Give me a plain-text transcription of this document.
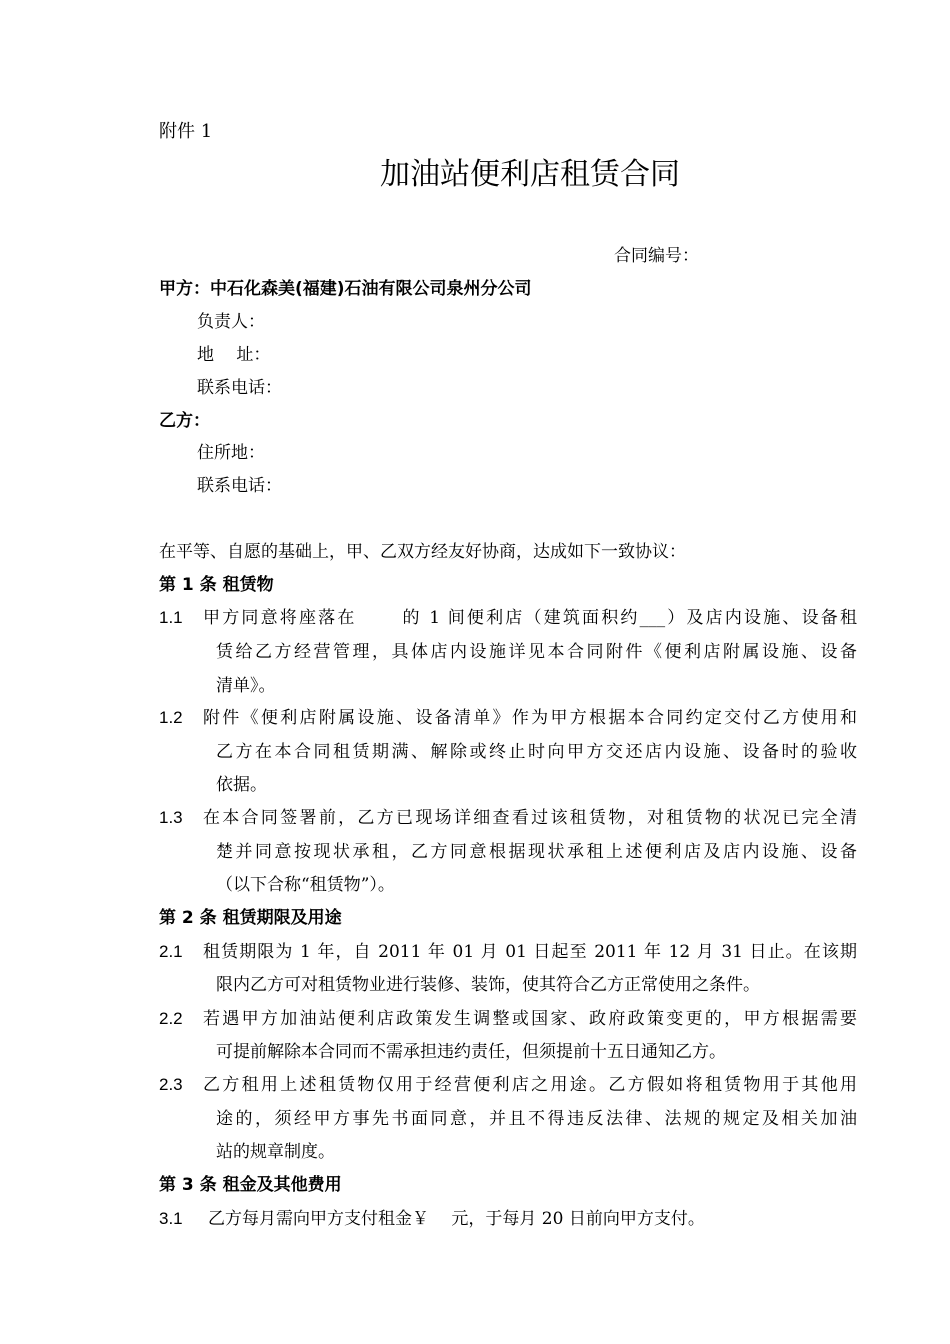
附件 1
加油站便利店租赁合同
合同编号：
甲方：中石化森美(福建)石油有限公司泉州分公司
负责人：
地　 址：
联系电话：
乙方：
住所地：
联系电话：
在平等、自愿的基础上，甲、乙双方经友好协商，达成如下一致协议：
第 1 条 租赁物
1.1 甲方同意将座落在　　 的 1 间便利店（建筑面积约___）及店内设施、设备租
赁给乙方经营管理，具体店内设施详见本合同附件《便利店附属设施、设备
清单》。
1.2 附件《便利店附属设施、设备清单》作为甲方根据本合同约定交付乙方使用和
乙方在本合同租赁期满、解除或终止时向甲方交还店内设施、设备时的验收
依据。
1.3 在本合同签署前，乙方已现场详细查看过该租赁物，对租赁物的状况已完全清
楚并同意按现状承租，乙方同意根据现状承租上述便利店及店内设施、设备
（以下合称“租赁物”）。
第 2 条 租赁期限及用途
2.1 租赁期限为 1 年，自 2011 年 01 月 01 日起至 2011 年 12 月 31 日止。在该期
限内乙方可对租赁物业进行装修、装饰，使其符合乙方正常使用之条件。
2.2 若遇甲方加油站便利店政策发生调整或国家、政府政策变更的，甲方根据需要
可提前解除本合同而不需承担违约责任，但须提前十五日通知乙方。
2.3 乙方租用上述租赁物仅用于经营便利店之用途。乙方假如将租赁物用于其他用
途的，须经甲方事先书面同意，并且不得违反法律、法规的规定及相关加油
站的规章制度。
第 3 条 租金及其他费用
3.1 乙方每月需向甲方支付租金￥　 元，于每月 20 日前向甲方支付。
